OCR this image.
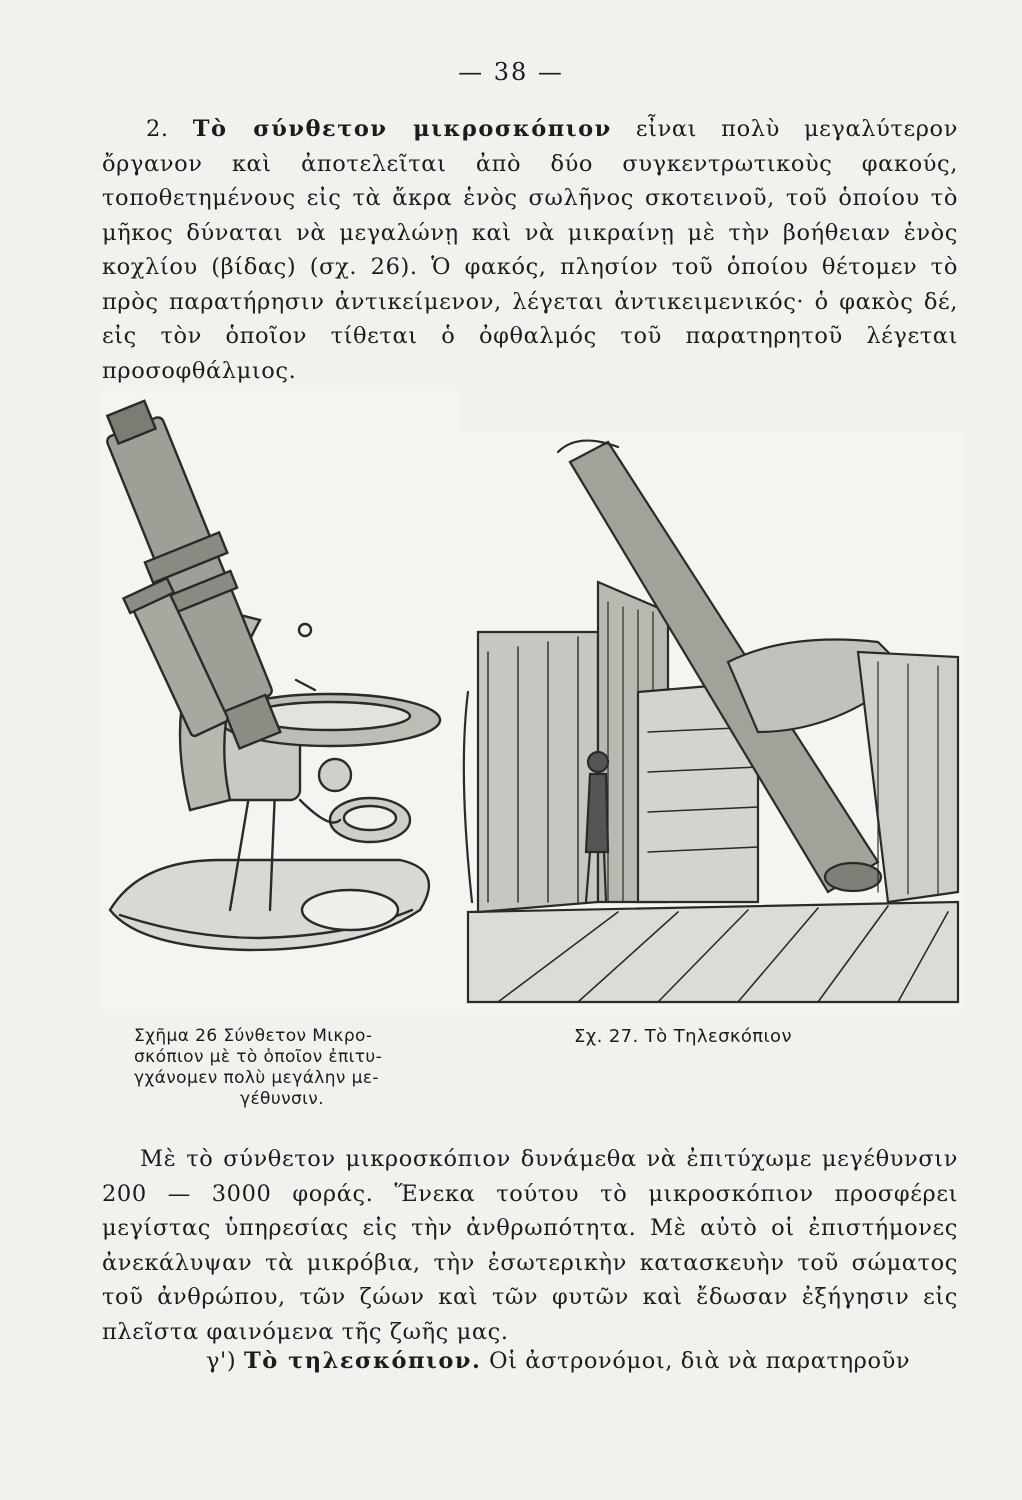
— 38 —
2. Τὸ σύνθετον μικροσκόπιον εἶναι πολὺ μεγαλύτερον ὄργανον καὶ ἀποτελεῖται ἀπὸ δύο συγκεντρωτικοὺς φακούς, τοποθετημένους εἰς τὰ ἄκρα ἑνὸς σωλῆνος σκοτεινοῦ, τοῦ ὁποίου τὸ μῆκος δύναται νὰ μεγαλώνῃ καὶ νὰ μικραίνῃ μὲ τὴν βοήθειαν ἑνὸς κοχλίου (βίδας) (σχ. 26). Ὁ φακός, πλησίον τοῦ ὁποίου θέτομεν τὸ πρὸς παρατήρησιν ἀντικείμενον, λέγεται ἀντικειμενικός· ὁ φακὸς δέ, εἰς τὸν ὁποῖον τίθεται ὁ ὀφθαλμός τοῦ παρατηρητοῦ λέγεται προσοφθάλμιος.
Σχῆμα 26 Σύνθετον Μικρο-
σκόπιον μὲ τὸ ὁποῖον ἐπιτυ-
γχάνομεν πολὺ μεγάλην με-
γέθυνσιν.
Σχ. 27. Τὸ Τηλεσκόπιον
Μὲ τὸ σύνθετον μικροσκόπιον δυνάμεθα νὰ ἐπιτύχωμε μεγέθυνσιν 200 — 3000 φοράς. Ἕνεκα τούτου τὸ μικροσκόπιον προσφέρει μεγίστας ὑπηρεσίας εἰς τὴν ἀνθρωπότητα. Μὲ αὐτὸ οἱ ἐπιστήμονες ἀνεκάλυψαν τὰ μικρόβια, τὴν ἐσωτερικὴν κατασκευὴν τοῦ σώματος τοῦ ἀνθρώπου, τῶν ζώων καὶ τῶν φυτῶν καὶ ἔδωσαν ἐξήγησιν εἰς πλεῖστα φαινόμενα τῆς ζωῆς μας.
γ') Τὸ τηλεσκόπιον. Οἱ ἀστρονόμοι, διὰ νὰ παρατηροῦν
